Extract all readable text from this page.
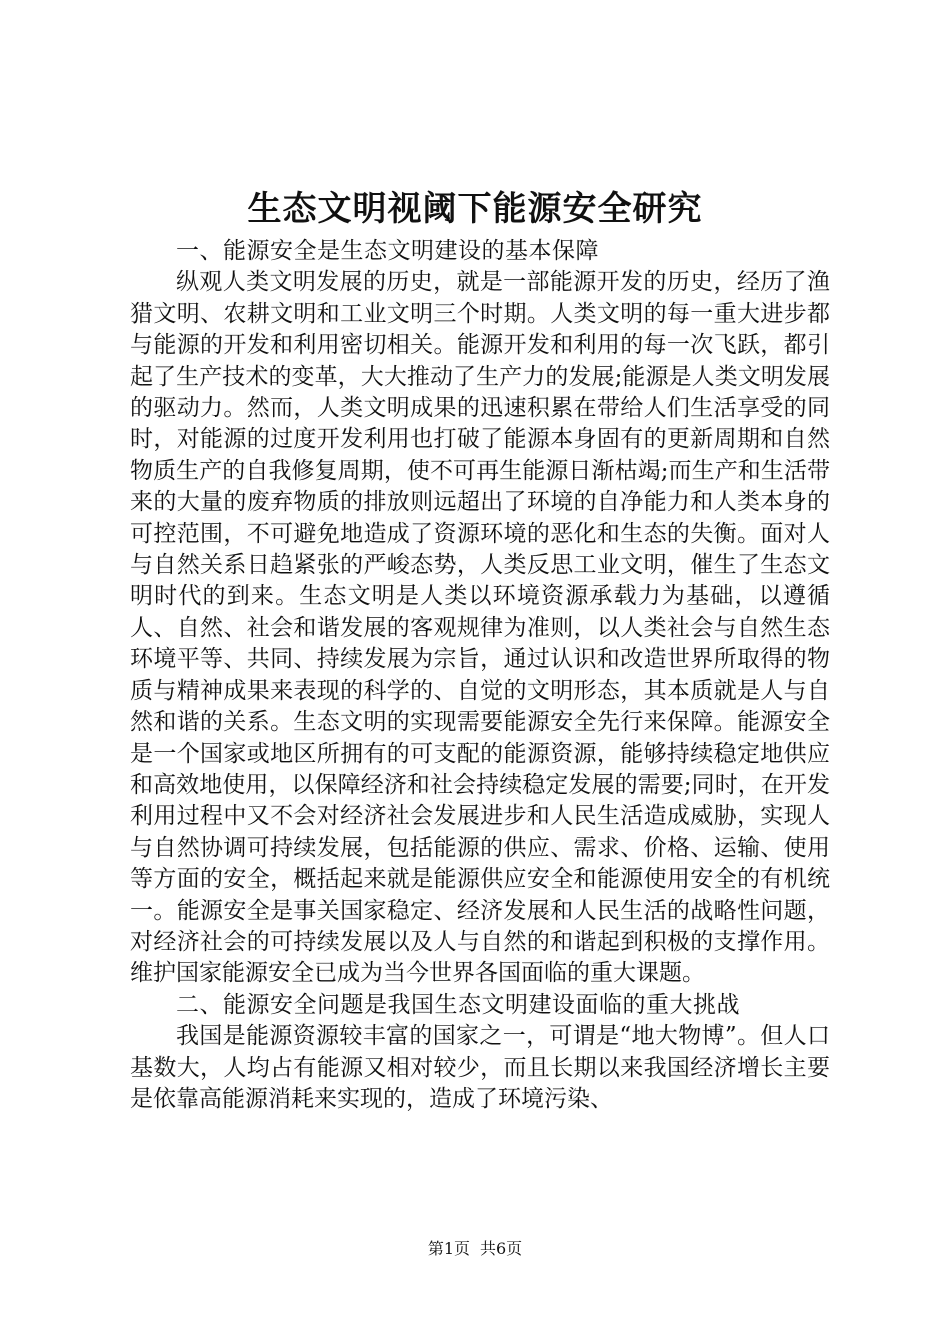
生态文明视阈下能源安全研究

一、能源安全是生态文明建设的基本保障

纵观人类文明发展的历史，就是一部能源开发的历史，经历了渔猎文明、农耕文明和工业文明三个时期。人类文明的每一重大进步都与能源的开发和利用密切相关。能源开发和利用的每一次飞跃，都引起了生产技术的变革，大大推动了生产力的发展;能源是人类文明发展的驱动力。然而，人类文明成果的迅速积累在带给人们生活享受的同时，对能源的过度开发利用也打破了能源本身固有的更新周期和自然物质生产的自我修复周期，使不可再生能源日渐枯竭;而生产和生活带来的大量的废弃物质的排放则远超出了环境的自净能力和人类本身的可控范围，不可避免地造成了资源环境的恶化和生态的失衡。面对人与自然关系日趋紧张的严峻态势，人类反思工业文明，催生了生态文明时代的到来。生态文明是人类以环境资源承载力为基础，以遵循人、自然、社会和谐发展的客观规律为准则，以人类社会与自然生态环境平等、共同、持续发展为宗旨，通过认识和改造世界所取得的物质与精神成果来表现的科学的、自觉的文明形态，其本质就是人与自然和谐的关系。生态文明的实现需要能源安全先行来保障。能源安全是一个国家或地区所拥有的可支配的能源资源，能够持续稳定地供应和高效地使用，以保障经济和社会持续稳定发展的需要;同时，在开发利用过程中又不会对经济社会发展进步和人民生活造成威胁，实现人与自然协调可持续发展，包括能源的供应、需求、价格、运输、使用等方面的安全，概括起来就是能源供应安全和能源使用安全的有机统一。能源安全是事关国家稳定、经济发展和人民生活的战略性问题，对经济社会的可持续发展以及人与自然的和谐起到积极的支撑作用。维护国家能源安全已成为当今世界各国面临的重大课题。

二、能源安全问题是我国生态文明建设面临的重大挑战

我国是能源资源较丰富的国家之一，可谓是“地大物博”。但人口基数大，人均占有能源又相对较少，而且长期以来我国经济增长主要是依靠高能源消耗来实现的，造成了环境污染、

第1页 共6页
